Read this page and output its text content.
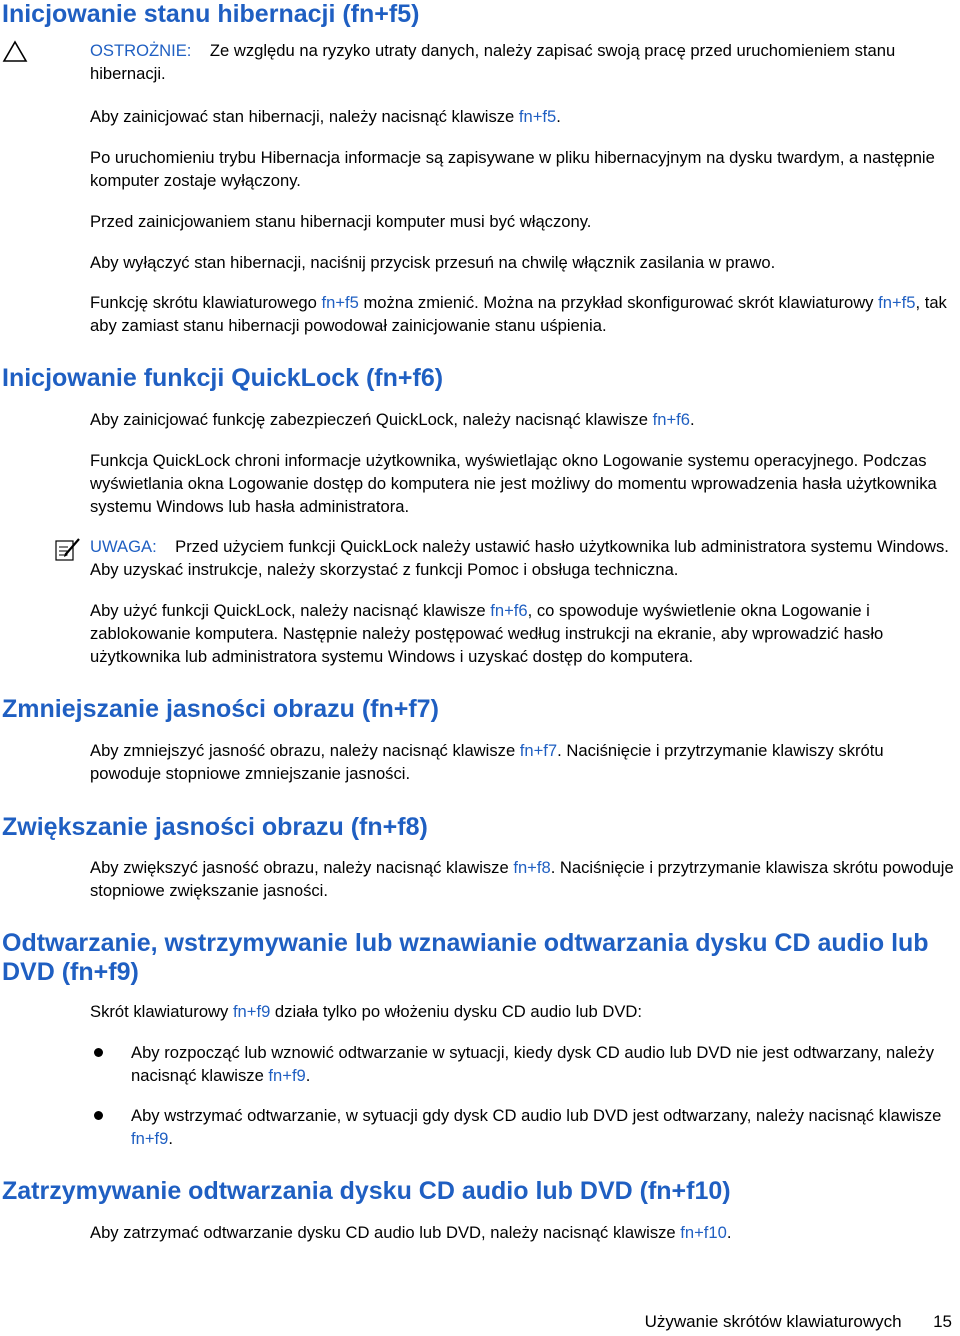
Inicjowanie stanu hibernacji (fn+f5)

OSTROŻNIE: Ze względu na ryzyko utraty danych, należy zapisać swoją pracę przed uruchomieniem stanu hibernacji.

Aby zainicjować stan hibernacji, należy nacisnąć klawisze fn+f5.

Po uruchomieniu trybu Hibernacja informacje są zapisywane w pliku hibernacyjnym na dysku twardym, a następnie komputer zostaje wyłączony.

Przed zainicjowaniem stanu hibernacji komputer musi być włączony.

Aby wyłączyć stan hibernacji, naciśnij przycisk przesuń na chwilę włącznik zasilania w prawo.

Funkcję skrótu klawiaturowego fn+f5 można zmienić. Można na przykład skonfigurować skrót klawiaturowy fn+f5, tak aby zamiast stanu hibernacji powodował zainicjowanie stanu uśpienia.

Inicjowanie funkcji QuickLock (fn+f6)

Aby zainicjować funkcję zabezpieczeń QuickLock, należy nacisnąć klawisze fn+f6.

Funkcja QuickLock chroni informacje użytkownika, wyświetlając okno Logowanie systemu operacyjnego. Podczas wyświetlania okna Logowanie dostęp do komputera nie jest możliwy do momentu wprowadzenia hasła użytkownika systemu Windows lub hasła administratora.

UWAGA: Przed użyciem funkcji QuickLock należy ustawić hasło użytkownika lub administratora systemu Windows. Aby uzyskać instrukcje, należy skorzystać z funkcji Pomoc i obsługa techniczna.

Aby użyć funkcji QuickLock, należy nacisnąć klawisze fn+f6, co spowoduje wyświetlenie okna Logowanie i zablokowanie komputera. Następnie należy postępować według instrukcji na ekranie, aby wprowadzić hasło użytkownika lub administratora systemu Windows i uzyskać dostęp do komputera.

Zmniejszanie jasności obrazu (fn+f7)

Aby zmniejszyć jasność obrazu, należy nacisnąć klawisze fn+f7. Naciśnięcie i przytrzymanie klawiszy skrótu powoduje stopniowe zmniejszanie jasności.

Zwiększanie jasności obrazu (fn+f8)

Aby zwiększyć jasność obrazu, należy nacisnąć klawisze fn+f8. Naciśnięcie i przytrzymanie klawisza skrótu powoduje stopniowe zwiększanie jasności.

Odtwarzanie, wstrzymywanie lub wznawianie odtwarzania dysku CD audio lub DVD (fn+f9)

Skrót klawiaturowy fn+f9 działa tylko po włożeniu dysku CD audio lub DVD:

Aby rozpocząć lub wznowić odtwarzanie w sytuacji, kiedy dysk CD audio lub DVD nie jest odtwarzany, należy nacisnąć klawisze fn+f9.

Aby wstrzymać odtwarzanie, w sytuacji gdy dysk CD audio lub DVD jest odtwarzany, należy nacisnąć klawisze fn+f9.

Zatrzymywanie odtwarzania dysku CD audio lub DVD (fn+f10)

Aby zatrzymać odtwarzanie dysku CD audio lub DVD, należy nacisnąć klawisze fn+f10.

Używanie skrótów klawiaturowych 15
